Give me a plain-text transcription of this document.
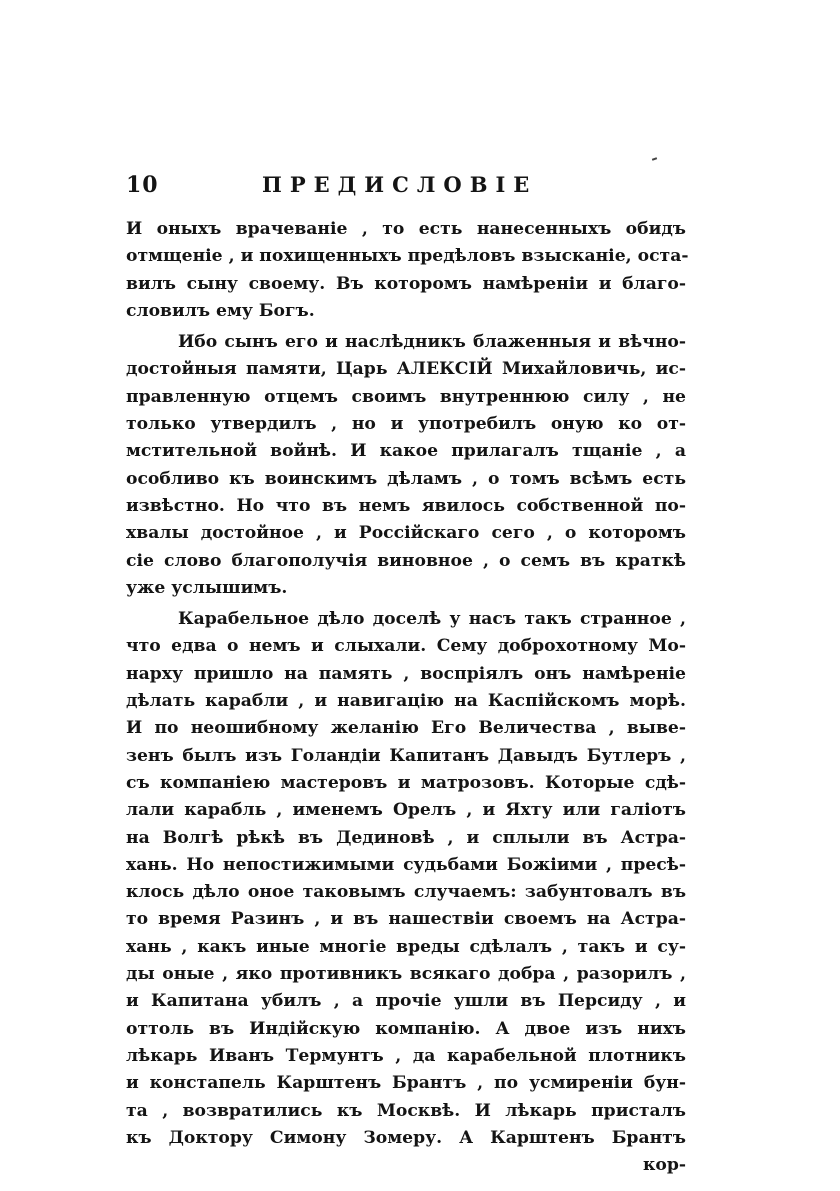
10	ПРЕДИСЛОВІЕ
И оныхъ врачеваніе , то есть нанесенныхъ обидъ
отмщеніе , и похищенныхъ предѣловъ взысканіе, оста-
вилъ сыну своему. Въ которомъ намѣреніи и благо-
словилъ ему Богъ.
Ибо сынъ его и наслѣдникъ блаженныя и вѣчно-
достойныя памяти, Царь АЛЕКСІЙ Михайловичь, ис-
правленную отцемъ своимъ внутреннюю силу , не
только утвердилъ , но и употребилъ оную ко от-
мстительной войнѣ. И какое прилагалъ тщаніе , а
особливо къ воинскимъ дѣламъ , о томъ всѣмъ есть
извѣстно. Но что въ немъ явилось собственной по-
хвалы достойное , и Россійскаго сего , о которомъ
сіе слово благополучія виновное , о семъ въ краткѣ
уже услышимъ.
Карабельное дѣло доселѣ у насъ такъ странное ,
что едва о немъ и слыхали. Сему доброхотному Мо-
нарху пришло на память , воспріялъ онъ намѣреніе
дѣлать карабли , и навигацію на Каспійскомъ морѣ.
И по неошибному желанію Его Величества , выве-
зенъ былъ изъ Голандіи Капитанъ Давыдъ Бутлеръ ,
съ компаніею мастеровъ и матрозовъ. Которые сдѣ-
лали карабль , именемъ Орелъ , и Яхту или галіотъ
на Волгѣ рѣкѣ въ Дединовѣ , и сплыли въ Астра-
хань. Но непостижимыми судьбами Божіими , пресѣ-
клось дѣло оное таковымъ случаемъ: забунтовалъ въ
то время Разинъ , и въ нашествіи своемъ на Астра-
хань , какъ иные многіе вреды сдѣлалъ , такъ и су-
ды оные , яко противникъ всякаго добра , разорилъ ,
и Капитана убилъ , а прочіе ушли въ Персиду , и
оттоль въ Индійскую компанію. А двое изъ нихъ
лѣкарь Иванъ Термунтъ , да карабельной плотникъ
и констапель Карштенъ Брантъ , по усмиреніи бун-
та , возвратились къ Москвѣ. И лѣкарь присталъ
къ Доктору Симону Зомеру. А Карштенъ Брантъ
кор-
